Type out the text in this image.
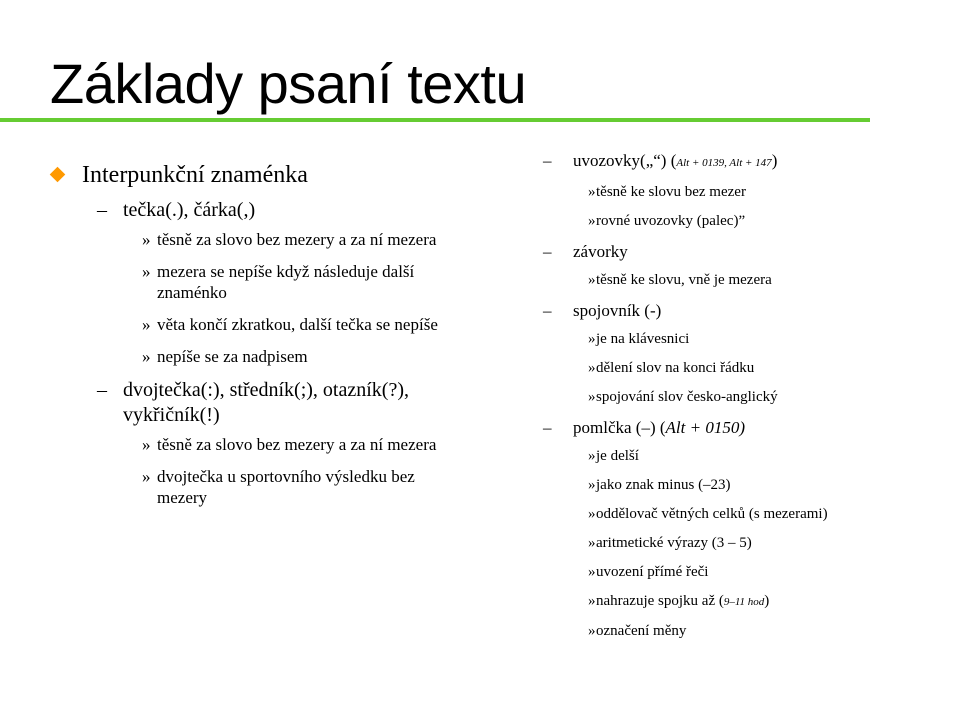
Základy psaní textu
Interpunkční znaménka
– tečka(.), čárka(,)
» těsně za slovo bez mezery a za ní mezera
» mezera se nepíše když následuje další znaménko
» věta končí zkratkou, další tečka se nepíše
» nepíše se za nadpisem
– dvojtečka(:), středník(;), otazník(?), vykřičník(!)
» těsně za slovo bez mezery a za ní mezera
» dvojtečka u sportovního výsledku bez mezery
– uvozovky(„“) (Alt + 0139, Alt + 147)
» těsně ke slovu bez mezer
» rovné uvozovky (palec)”
– závorky
» těsně ke slovu, vně je mezera
– spojovník (-)
» je na klávesnici
» dělení slov na konci řádku
» spojování slov česko-anglický
– pomlčka (–) (Alt + 0150)
» je delší
» jako znak minus (–23)
» oddělovač větných celků (s mezerami)
» aritmetické výrazy (3 – 5)
» uvození přímé řeči
» nahrazuje spojku až (9–11 hod)
» označení měny
